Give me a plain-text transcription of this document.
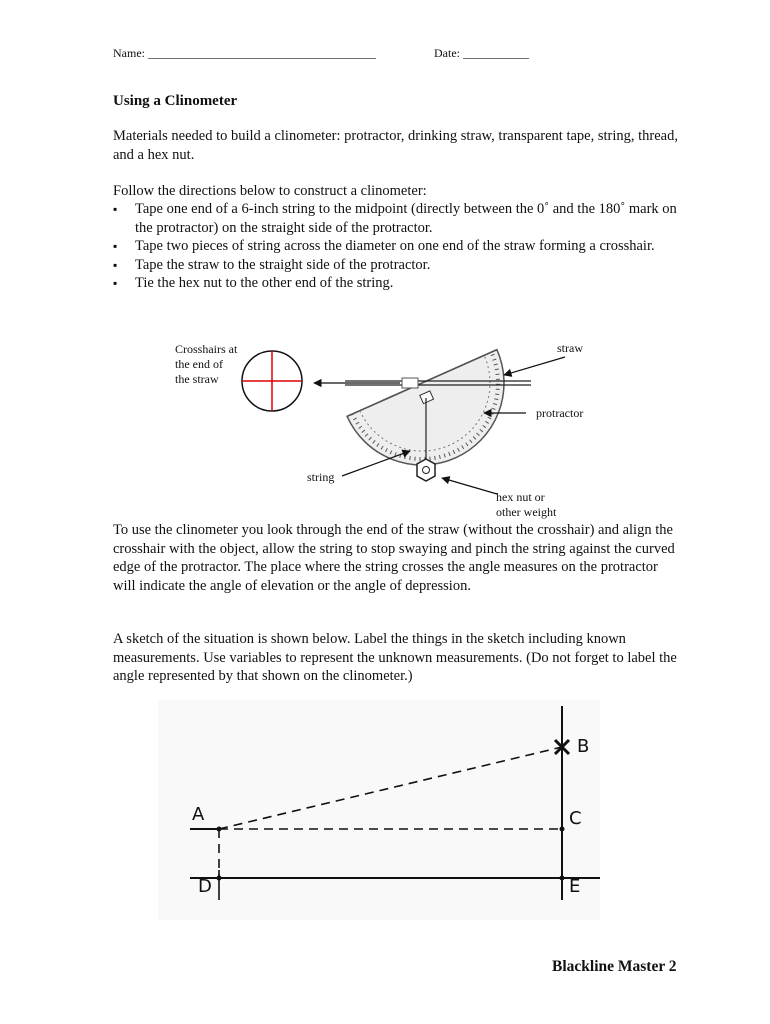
Name: ______________________________________	Date: ___________
Using a Clinometer
Materials needed to build a clinometer: protractor, drinking straw, transparent tape, string, thread, and a hex nut.
Follow the directions below to construct a clinometer:
▪ Tape one end of a 6-inch string to the midpoint (directly between the 0˚ and the 180˚ mark on the protractor) on the straight side of the protractor.
▪ Tape two pieces of string across the diameter on one end of the straw forming a crosshair.
▪ Tape the straw to the straight side of the protractor.
▪ Tie the hex nut to the other end of the string.
Crosshairs at
the end of
the straw
straw
protractor
string
hex nut or
other weight
To use the clinometer you look through the end of the straw (without the crosshair) and align the crosshair with the object, allow the string to stop swaying and pinch the string against the curved edge of the protractor. The place where the string crosses the angle measures on the protractor will indicate the angle of elevation or the angle of depression.
A sketch of the situation is shown below. Label the things in the sketch including known measurements. Use variables to represent the unknown measurements. (Do not forget to label the angle represented by that shown on the clinometer.)
A
B
C
D	E
Blackline Master 2
